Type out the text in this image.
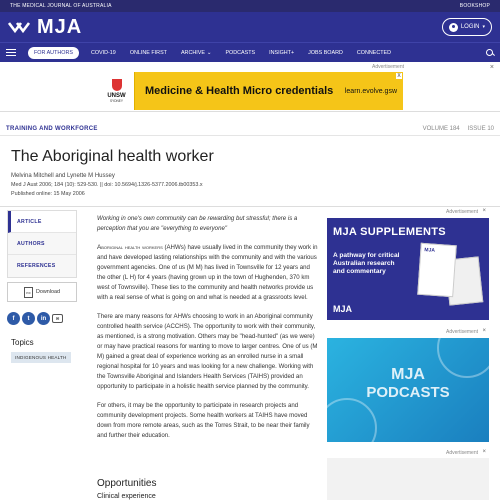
THE MEDICAL JOURNAL OF AUSTRALIA	BOOKSHOP
MJA	LOGIN ▾
FOR AUTHORS	COVID-19	ONLINE FIRST	ARCHIVE ⌄	PODCASTS	INSIGHT+	JOBS BOARD	CONNECTED
Advertisement	×
UNSW
SYDNEY
Medicine & Health Micro credentials learn.evolve.gsw
X
TRAINING AND WORKFORCE	VOLUME 184 ISSUE 10
The Aboriginal health worker
Melvina Mitchell and Lynette M Hussey
Med J Aust 2006; 184 (10): 529-530. || doi: 10.5694/j.1326-5377.2006.tb00353.x
Published online: 15 May 2006
ARTICLE
AUTHORS
REFERENCES
PDF Download
f	t	in	✉
Topics
INDIGENOUS HEALTH

Working in one's own community can be rewarding but stressful; there is a perception that you are "everything to everyone"

Aboriginal health workers (AHWs) have usually lived in the community they work in and have developed lasting relationships with the community and with the various government agencies. One of us (M M) has lived in Townsville for 12 years and the other (L H) for 4 years (having grown up in the town of Hughenden, 370 km west of Townsville). These ties to the community and health networks provide us with a real sense of what is going on and what is needed at a grassroots level.

There are many reasons for AHWs choosing to work in an Aboriginal community controlled health service (ACCHS). The opportunity to work with their community, as mentioned, is a strong motivation. Others may be "head-hunted" (as we were) or may have practical reasons for wanting to move to larger centres. One of us (M M) gained a great deal of experience working as an enrolled nurse in a small regional hospital for 10 years and was looking for a new challenge. Working with the Townsville Aboriginal and Islanders Health Services (TAIHS) provided an opportunity to participate in a holistic health service planned by the community.

For others, it may be the opportunity to participate in research projects and community development projects. Some health workers at TAIHS have moved down from more remote areas, such as the Torres Strait, to be near their family and further their education.

Opportunities
Clinical experience
Advertisement ×
MJA SUPPLEMENTS
A pathway for critical Australian research and commentary
MJA
MJA
Advertisement ×
MJA
PODCASTS
Advertisement ×
